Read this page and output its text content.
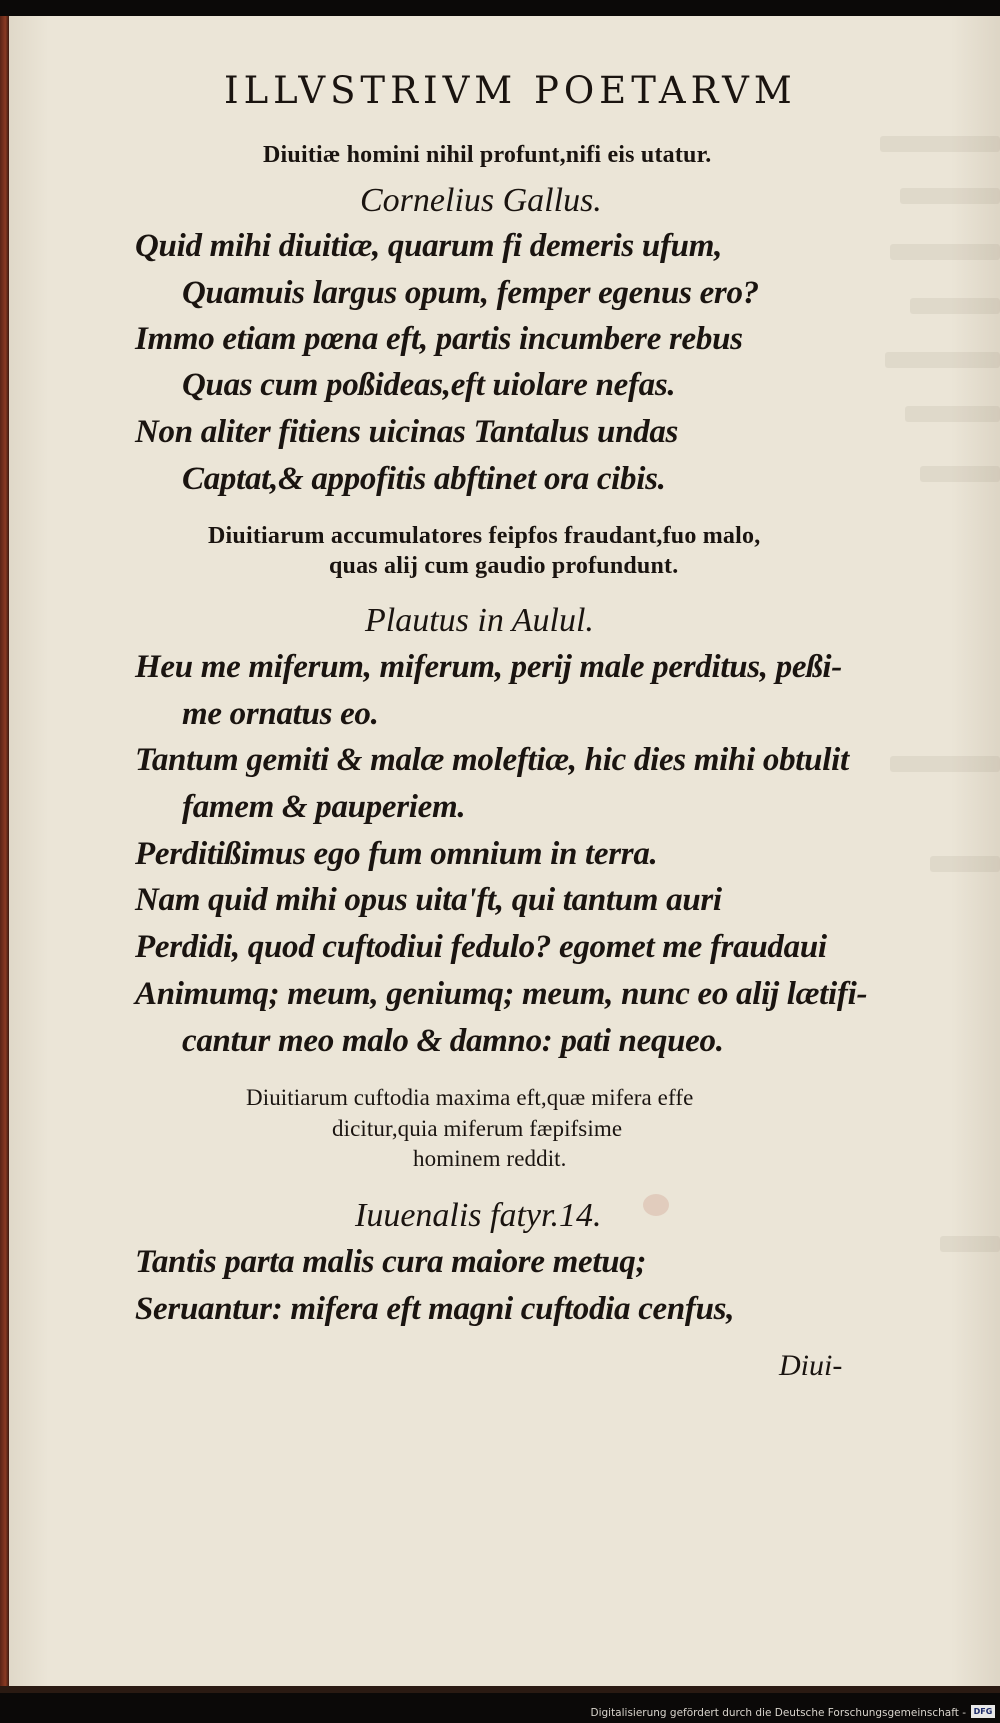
ILLVSTRIVM POETARVM
Diuitiæ homini nihil profunt,nifi eis utatur.
Cornelius Gallus.
Quid mihi diuitiæ, quarum fi demeris ufum,
Quamuis largus opum, femper egenus ero?
Immo etiam pœna eft, partis incumbere rebus
Quas cum poßideas,eft uiolare nefas.
Non aliter fitiens uicinas Tantalus undas
Captat,& appofitis abftinet ora cibis.
Diuitiarum accumulatores feipfos fraudant,fuo malo,
quas alij cum gaudio profundunt.
Plautus in Aulul.
Heu me miferum, miferum, perij male perditus, peßi-
me ornatus eo.
Tantum gemiti & malæ moleftiæ, hic dies mihi obtulit
famem & pauperiem.
Perditißimus ego fum omnium in terra.
Nam quid mihi opus uita'ft, qui tantum auri
Perdidi, quod cuftodiui fedulo? egomet me fraudaui
Animumq; meum, geniumq; meum, nunc eo alij lætifi-
cantur meo malo & damno: pati nequeo.
Diuitiarum cuftodia maxima eft,quæ mifera effe
dicitur,quia miferum fæpifsime
hominem reddit.
Iuuenalis fatyr.14.
Tantis parta malis cura maiore metuq;
Seruantur: mifera eft magni cuftodia cenfus,
Diui-
Digitalisierung gefördert durch die Deutsche Forschungsgemeinschaft - DFG
